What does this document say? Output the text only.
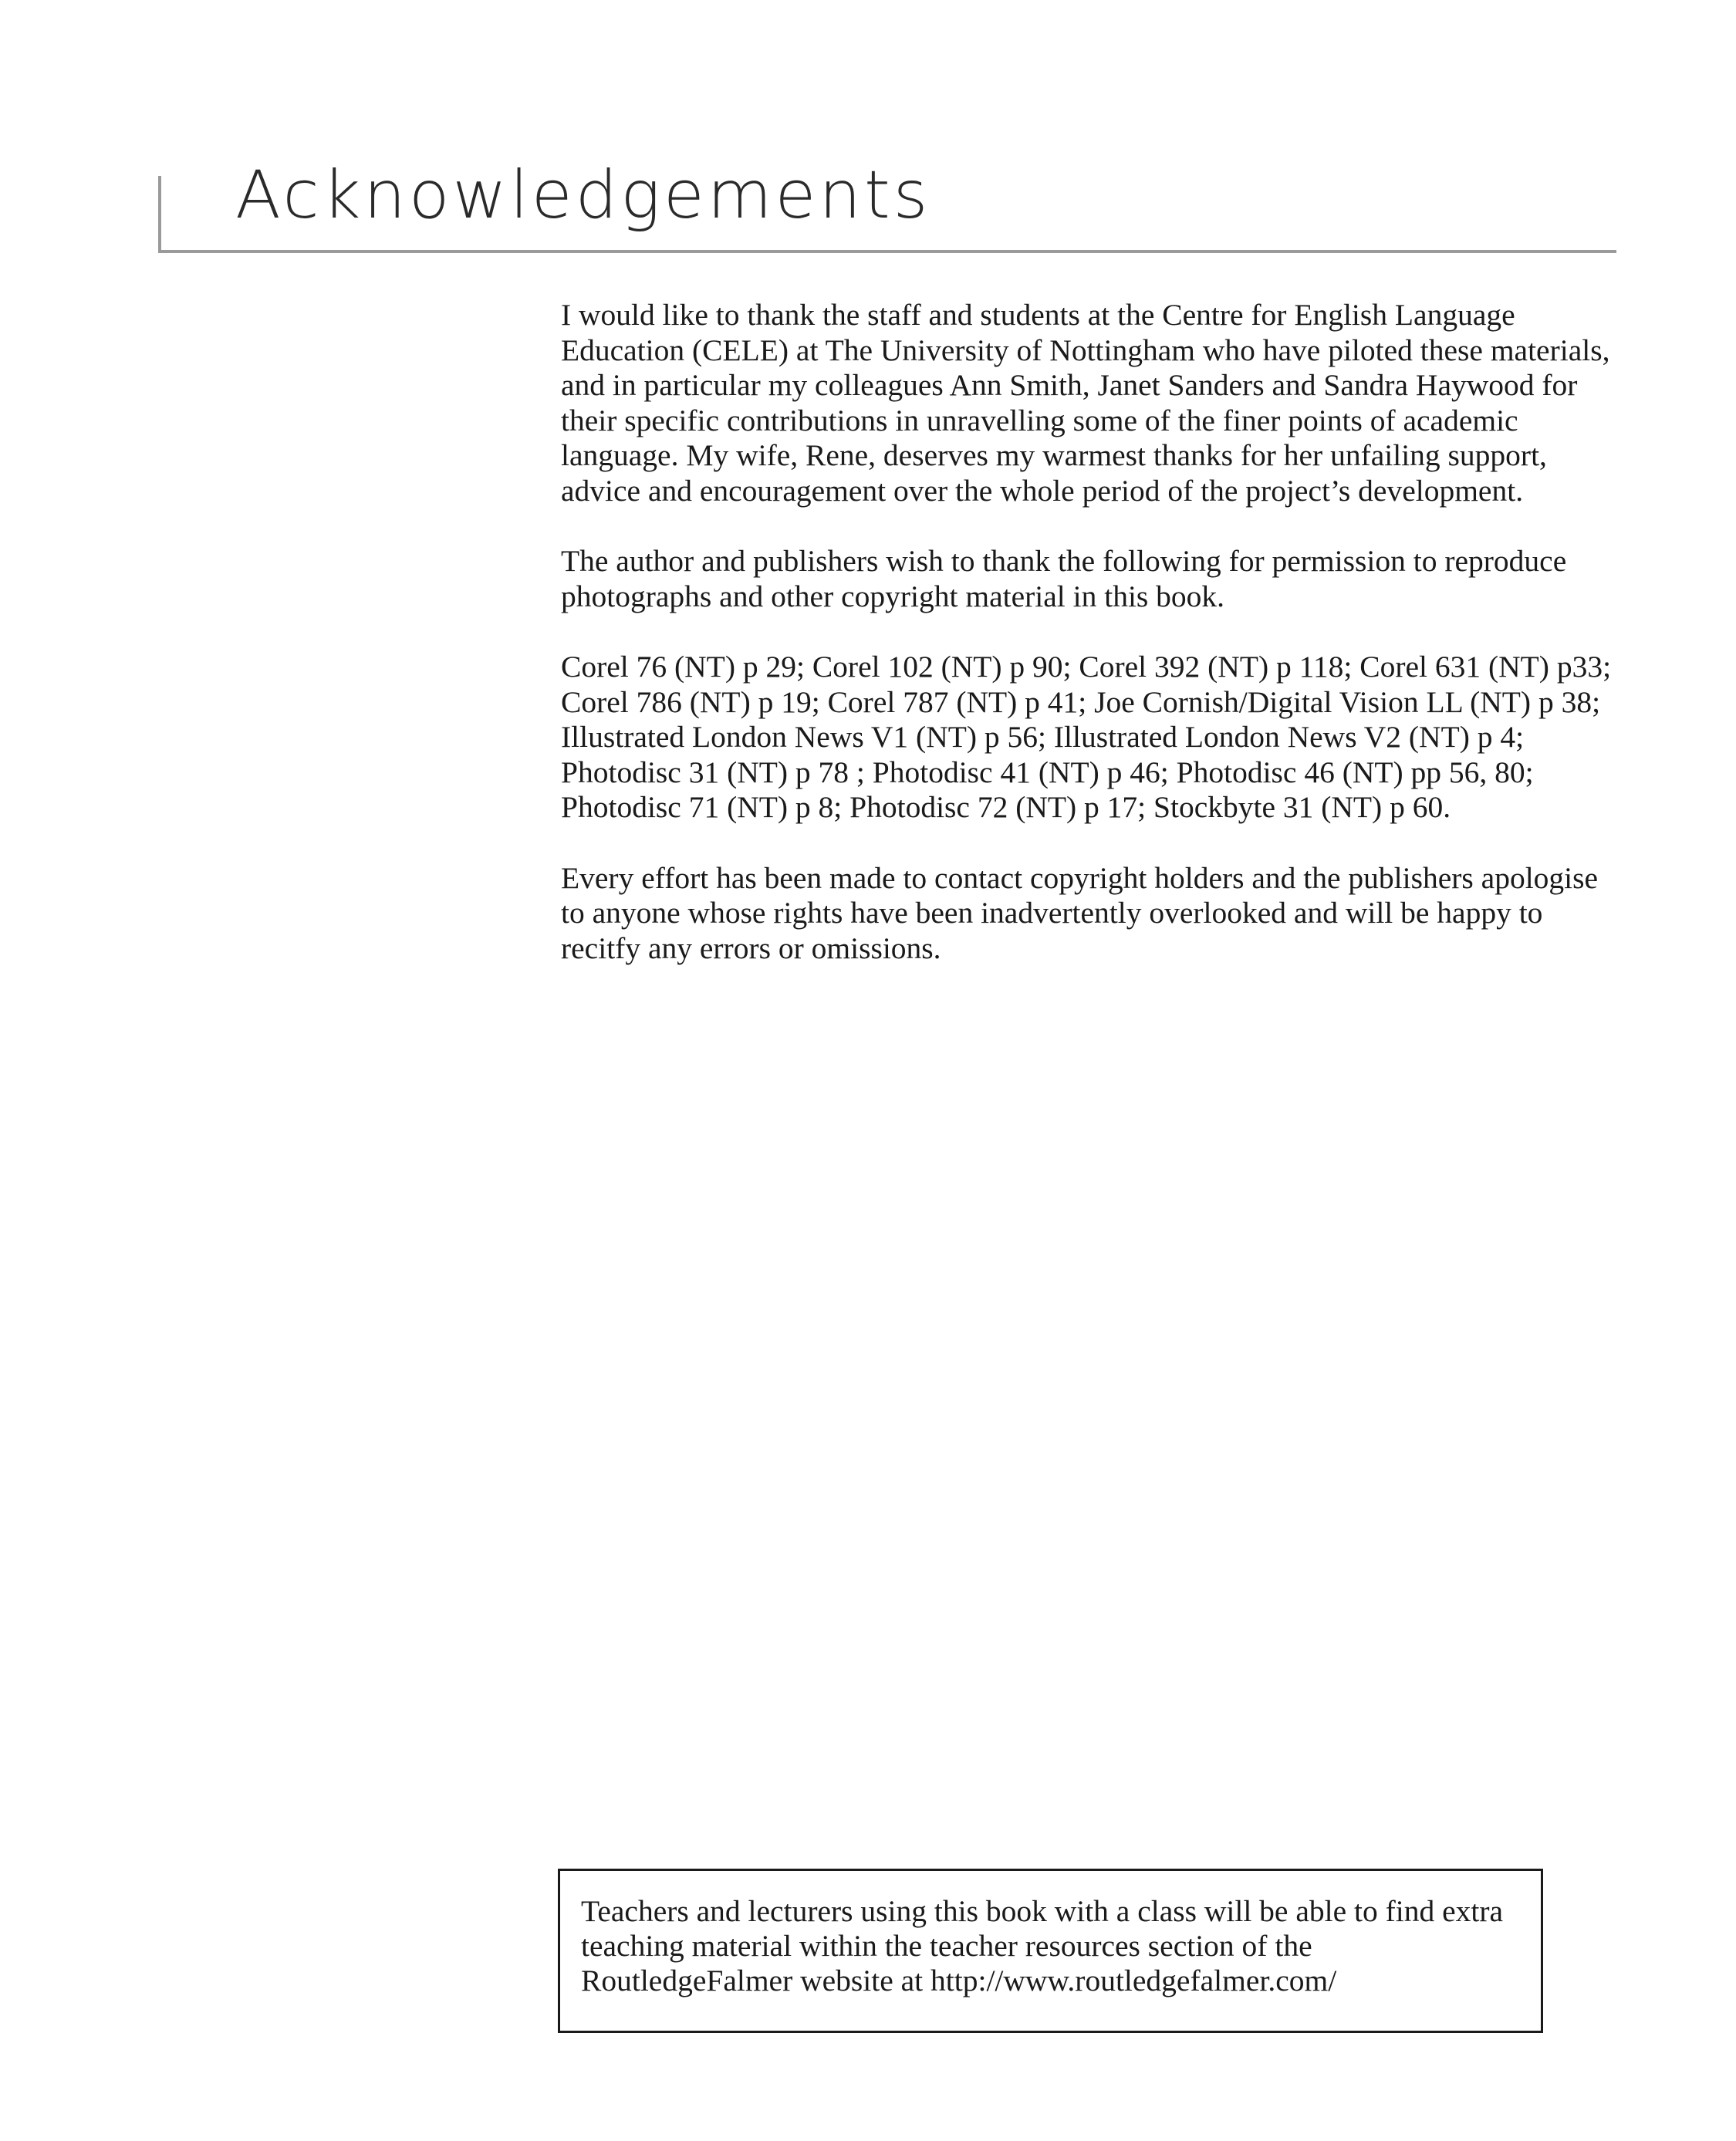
Acknowledgements

I would like to thank the staff and students at the Centre for English Language Education (CELE) at The University of Nottingham who have piloted these materials, and in particular my colleagues Ann Smith, Janet Sanders and Sandra Haywood for their specific contributions in unravelling some of the finer points of academic language. My wife, Rene, deserves my warmest thanks for her unfailing support, advice and encouragement over the whole period of the project’s development.

The author and publishers wish to thank the following for permission to reproduce photographs and other copyright material in this book.

Corel 76 (NT) p 29; Corel 102 (NT) p 90; Corel 392 (NT) p 118; Corel 631 (NT) p33; Corel 786 (NT) p 19; Corel 787 (NT) p 41; Joe Cornish/Digital Vision LL (NT) p 38; Illustrated London News V1 (NT) p 56; Illustrated London News V2 (NT) p 4; Photodisc 31 (NT) p 78 ; Photodisc 41 (NT) p 46; Photodisc 46 (NT) pp 56, 80; Photodisc 71 (NT) p 8; Photodisc 72 (NT) p 17; Stockbyte 31 (NT) p 60.

Every effort has been made to contact copyright holders and the publishers apologise to anyone whose rights have been inadvertently overlooked and will be happy to recitfy any errors or omissions.

Teachers and lecturers using this book with a class will be able to find extra teaching material within the teacher resources section of the RoutledgeFalmer website at http://www.routledgefalmer.com/
